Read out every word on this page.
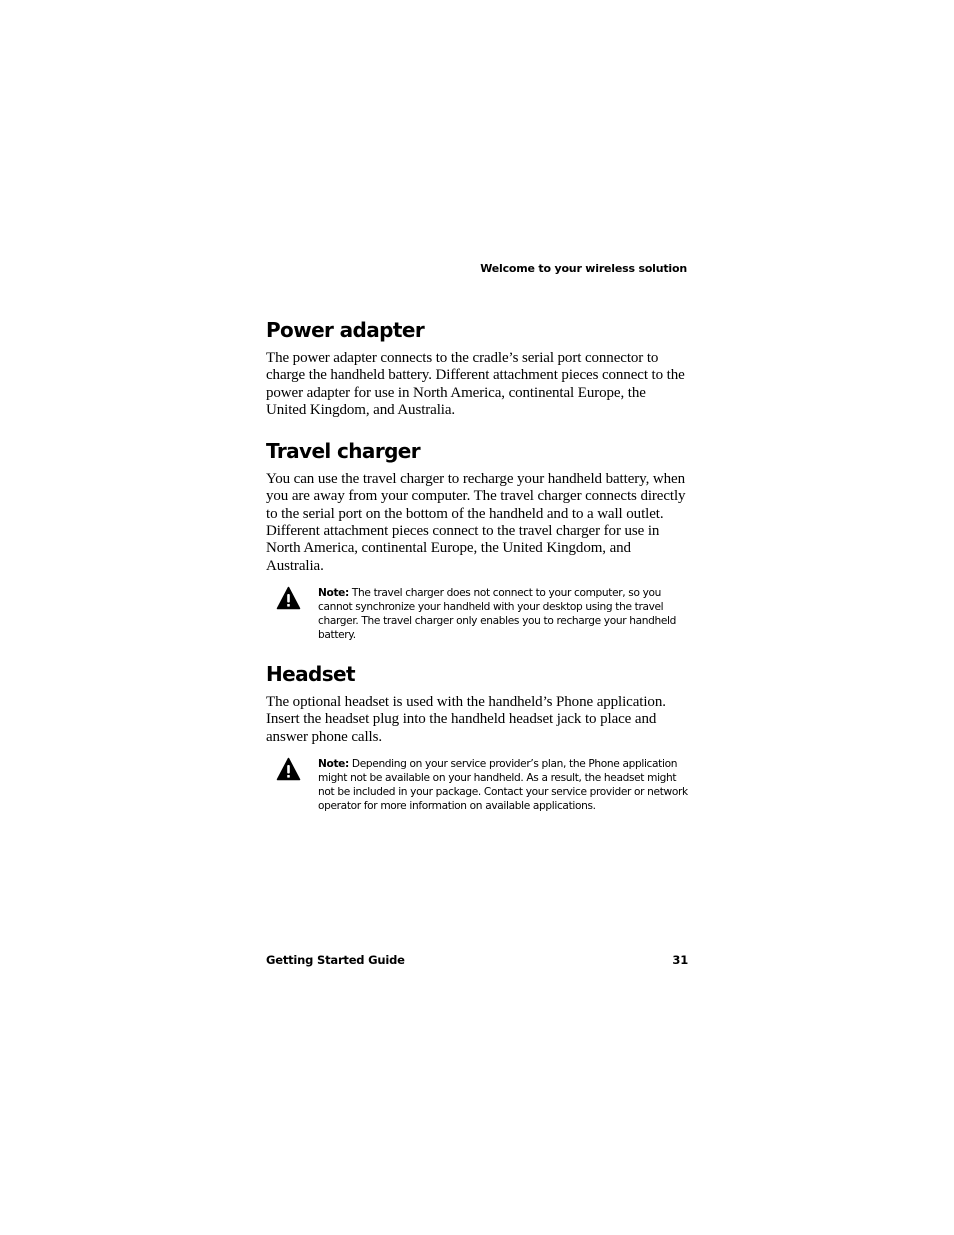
Welcome to your wireless solution
Power adapter

The power adapter connects to the cradle’s serial port connector to charge the handheld battery. Different attachment pieces connect to the power adapter for use in North America, continental Europe, the United Kingdom, and Australia.

Travel charger

You can use the travel charger to recharge your handheld battery, when you are away from your computer. The travel charger connects directly to the serial port on the bottom of the handheld and to a wall outlet. Different attachment pieces connect to the travel charger for use in North America, continental Europe, the United Kingdom, and Australia.

Note: The travel charger does not connect to your computer, so you cannot synchronize your handheld with your desktop using the travel charger. The travel charger only enables you to recharge your handheld battery.

Headset

The optional headset is used with the handheld’s Phone application. Insert the headset plug into the handheld headset jack to place and answer phone calls.

Note: Depending on your service provider’s plan, the Phone application might not be available on your handheld. As a result, the headset might not be included in your package. Contact your service provider or network operator for more information on available applications.

Getting Started Guide	31
